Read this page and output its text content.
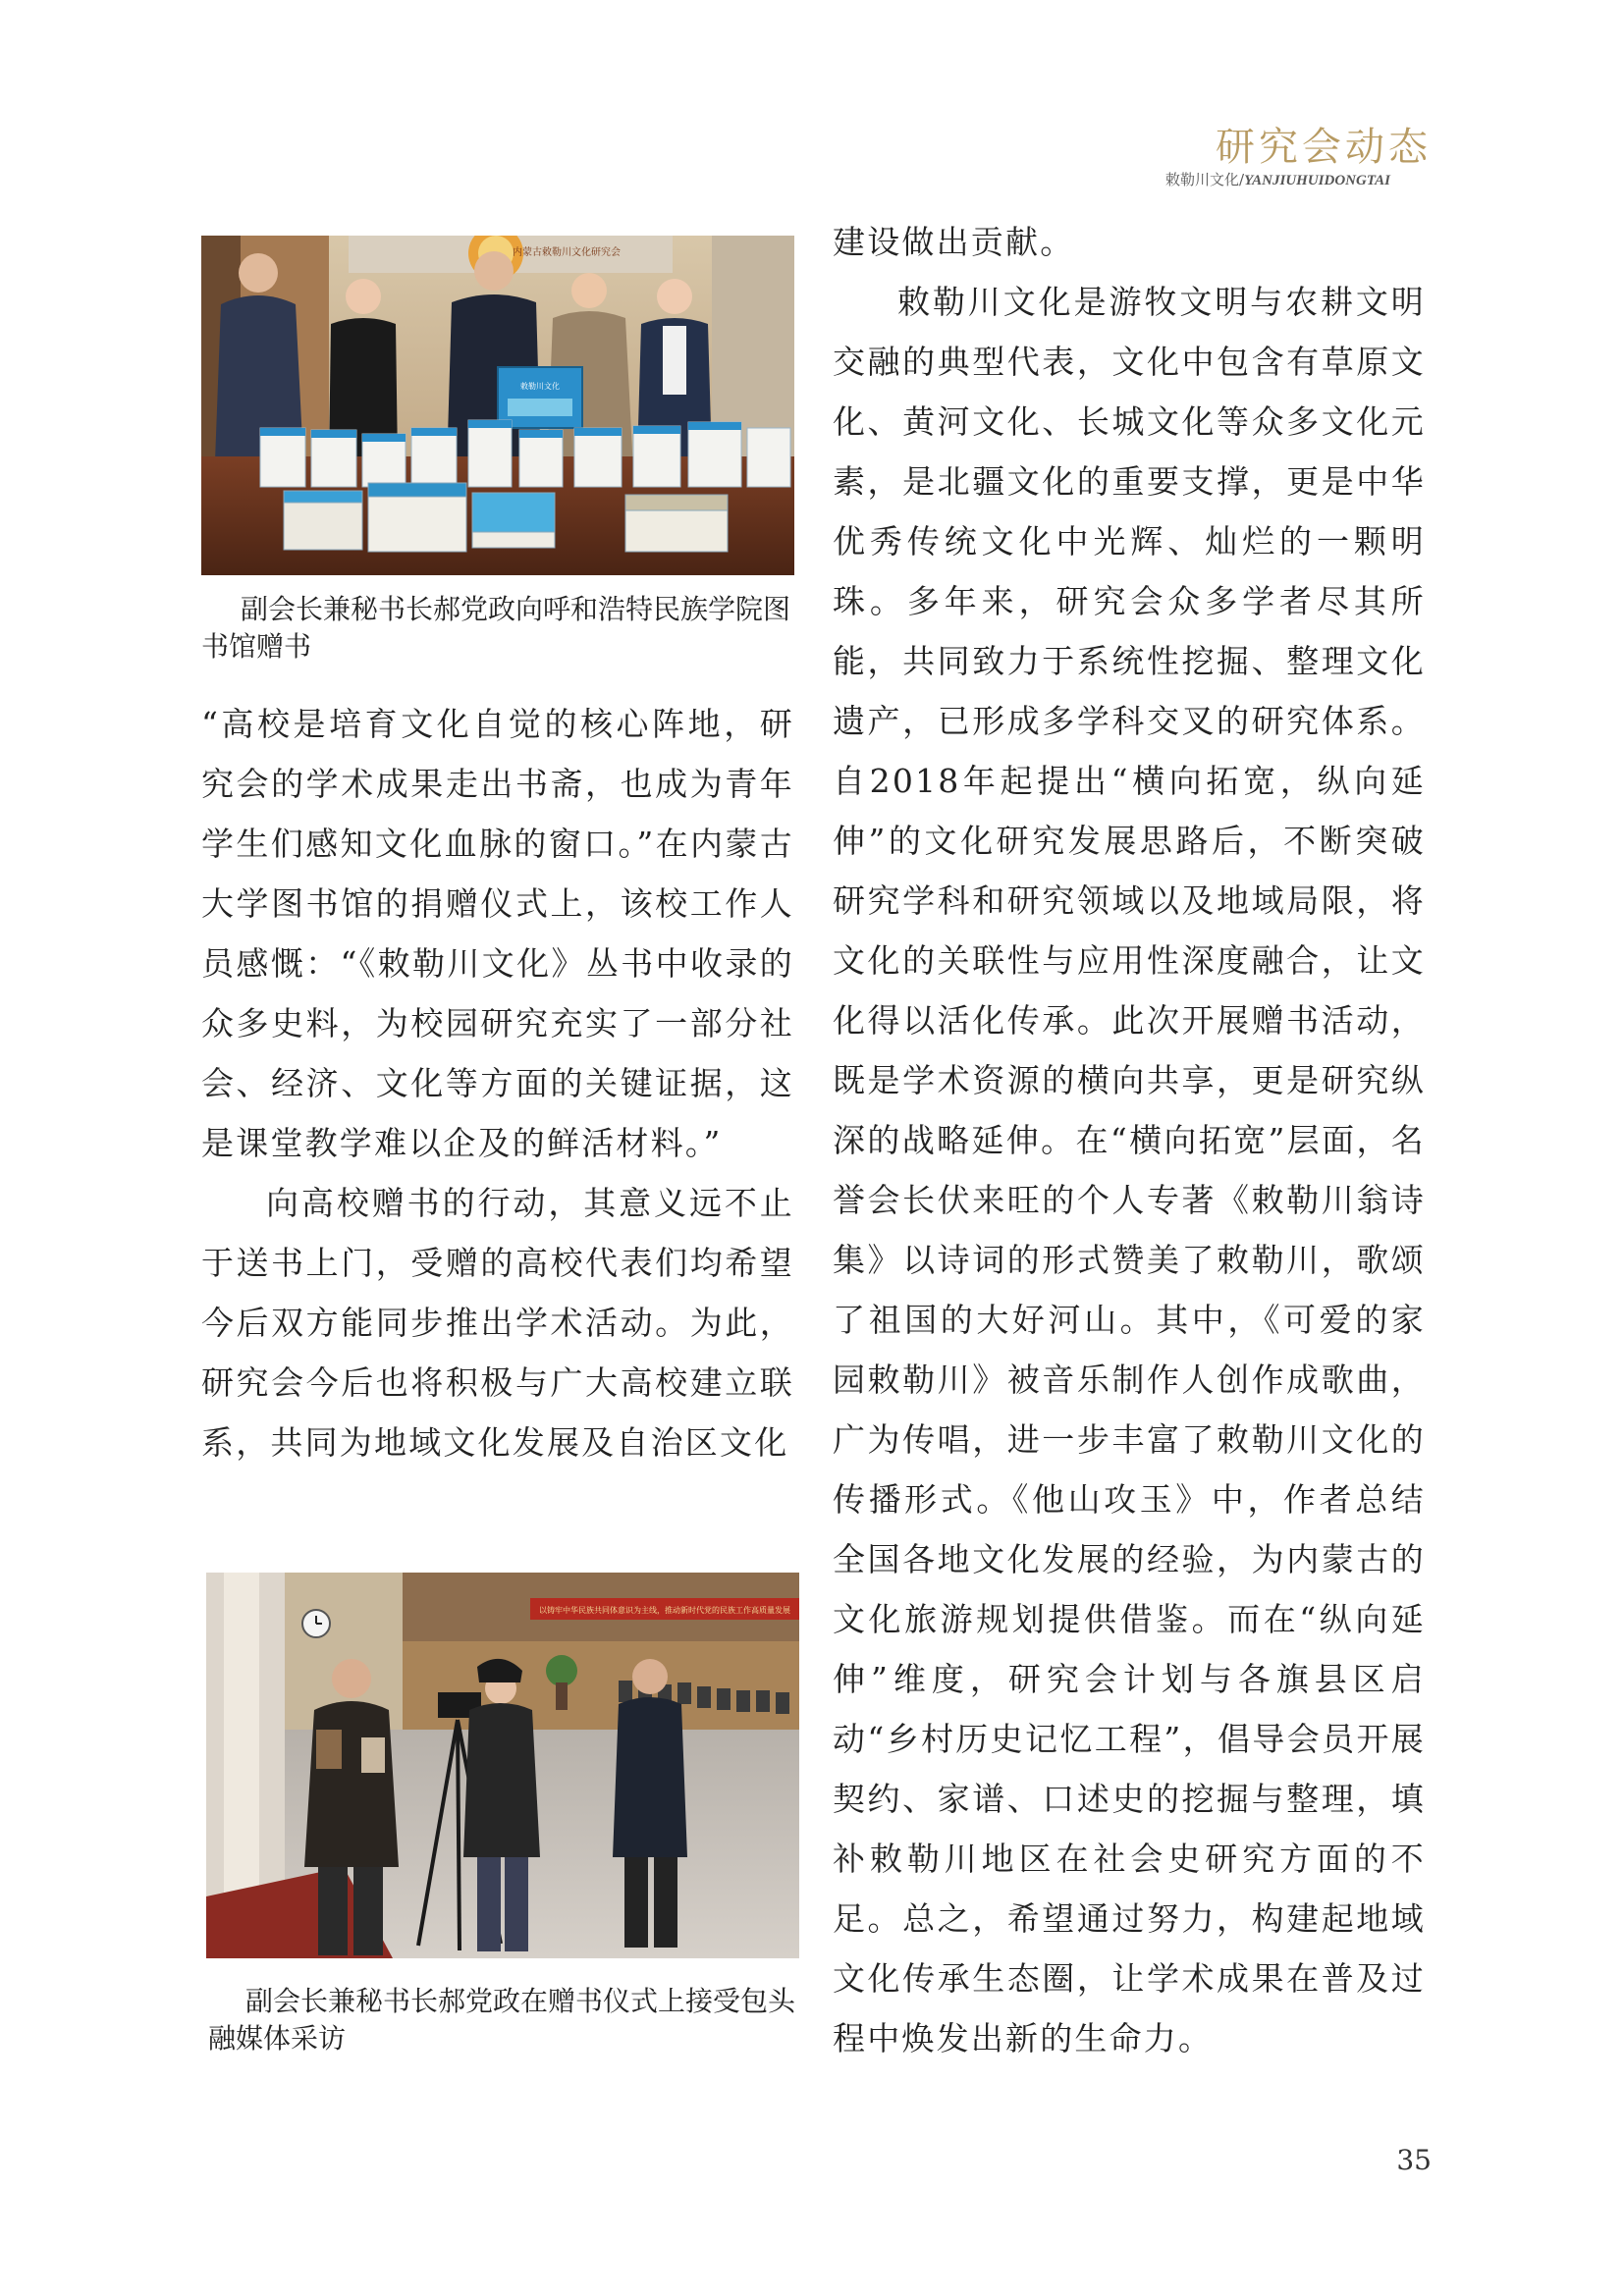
研究会动态
敕勒川文化/YANJIUHUIDONGTAI
内蒙古敕勒川文化研究会
敕勒川文化
副会长兼秘书长郝党政向呼和浩特民族学院图书馆赠书

“高校是培育文化自觉的核心阵地，研究会的学术成果走出书斋，也成为青年学生们感知文化血脉的窗口。”在内蒙古大学图书馆的捐赠仪式上，该校工作人员感慨：“《敕勒川文化》丛书中收录的众多史料，为校园研究充实了一部分社会、经济、文化等方面的关键证据，这是课堂教学难以企及的鲜活材料。”

向高校赠书的行动，其意义远不止于送书上门，受赠的高校代表们均希望今后双方能同步推出学术活动。为此，研究会今后也将积极与广大高校建立联系，共同为地域文化发展及自治区文化

以铸牢中华民族共同体意识为主线，推动新时代党的民族工作高质量发展
副会长兼秘书长郝党政在赠书仪式上接受包头融媒体采访

建设做出贡献。

敕勒川文化是游牧文明与农耕文明交融的典型代表，文化中包含有草原文化、黄河文化、长城文化等众多文化元素，是北疆文化的重要支撑，更是中华优秀传统文化中光辉、灿烂的一颗明珠。多年来，研究会众多学者尽其所能，共同致力于系统性挖掘、整理文化遗产，已形成多学科交叉的研究体系。自2018年起提出“横向拓宽，纵向延伸”的文化研究发展思路后，不断突破研究学科和研究领域以及地域局限，将文化的关联性与应用性深度融合，让文化得以活化传承。此次开展赠书活动，既是学术资源的横向共享，更是研究纵深的战略延伸。在“横向拓宽”层面，名誉会长伏来旺的个人专著《敕勒川翁诗集》以诗词的形式赞美了敕勒川，歌颂了祖国的大好河山。其中，《可爱的家园敕勒川》被音乐制作人创作成歌曲，广为传唱，进一步丰富了敕勒川文化的传播形式。《他山攻玉》中，作者总结全国各地文化发展的经验，为内蒙古的文化旅游规划提供借鉴。而在“纵向延伸”维度，研究会计划与各旗县区启动“乡村历史记忆工程”，倡导会员开展契约、家谱、口述史的挖掘与整理，填补敕勒川地区在社会史研究方面的不足。总之，希望通过努力，构建起地域文化传承生态圈，让学术成果在普及过程中焕发出新的生命力。

35
